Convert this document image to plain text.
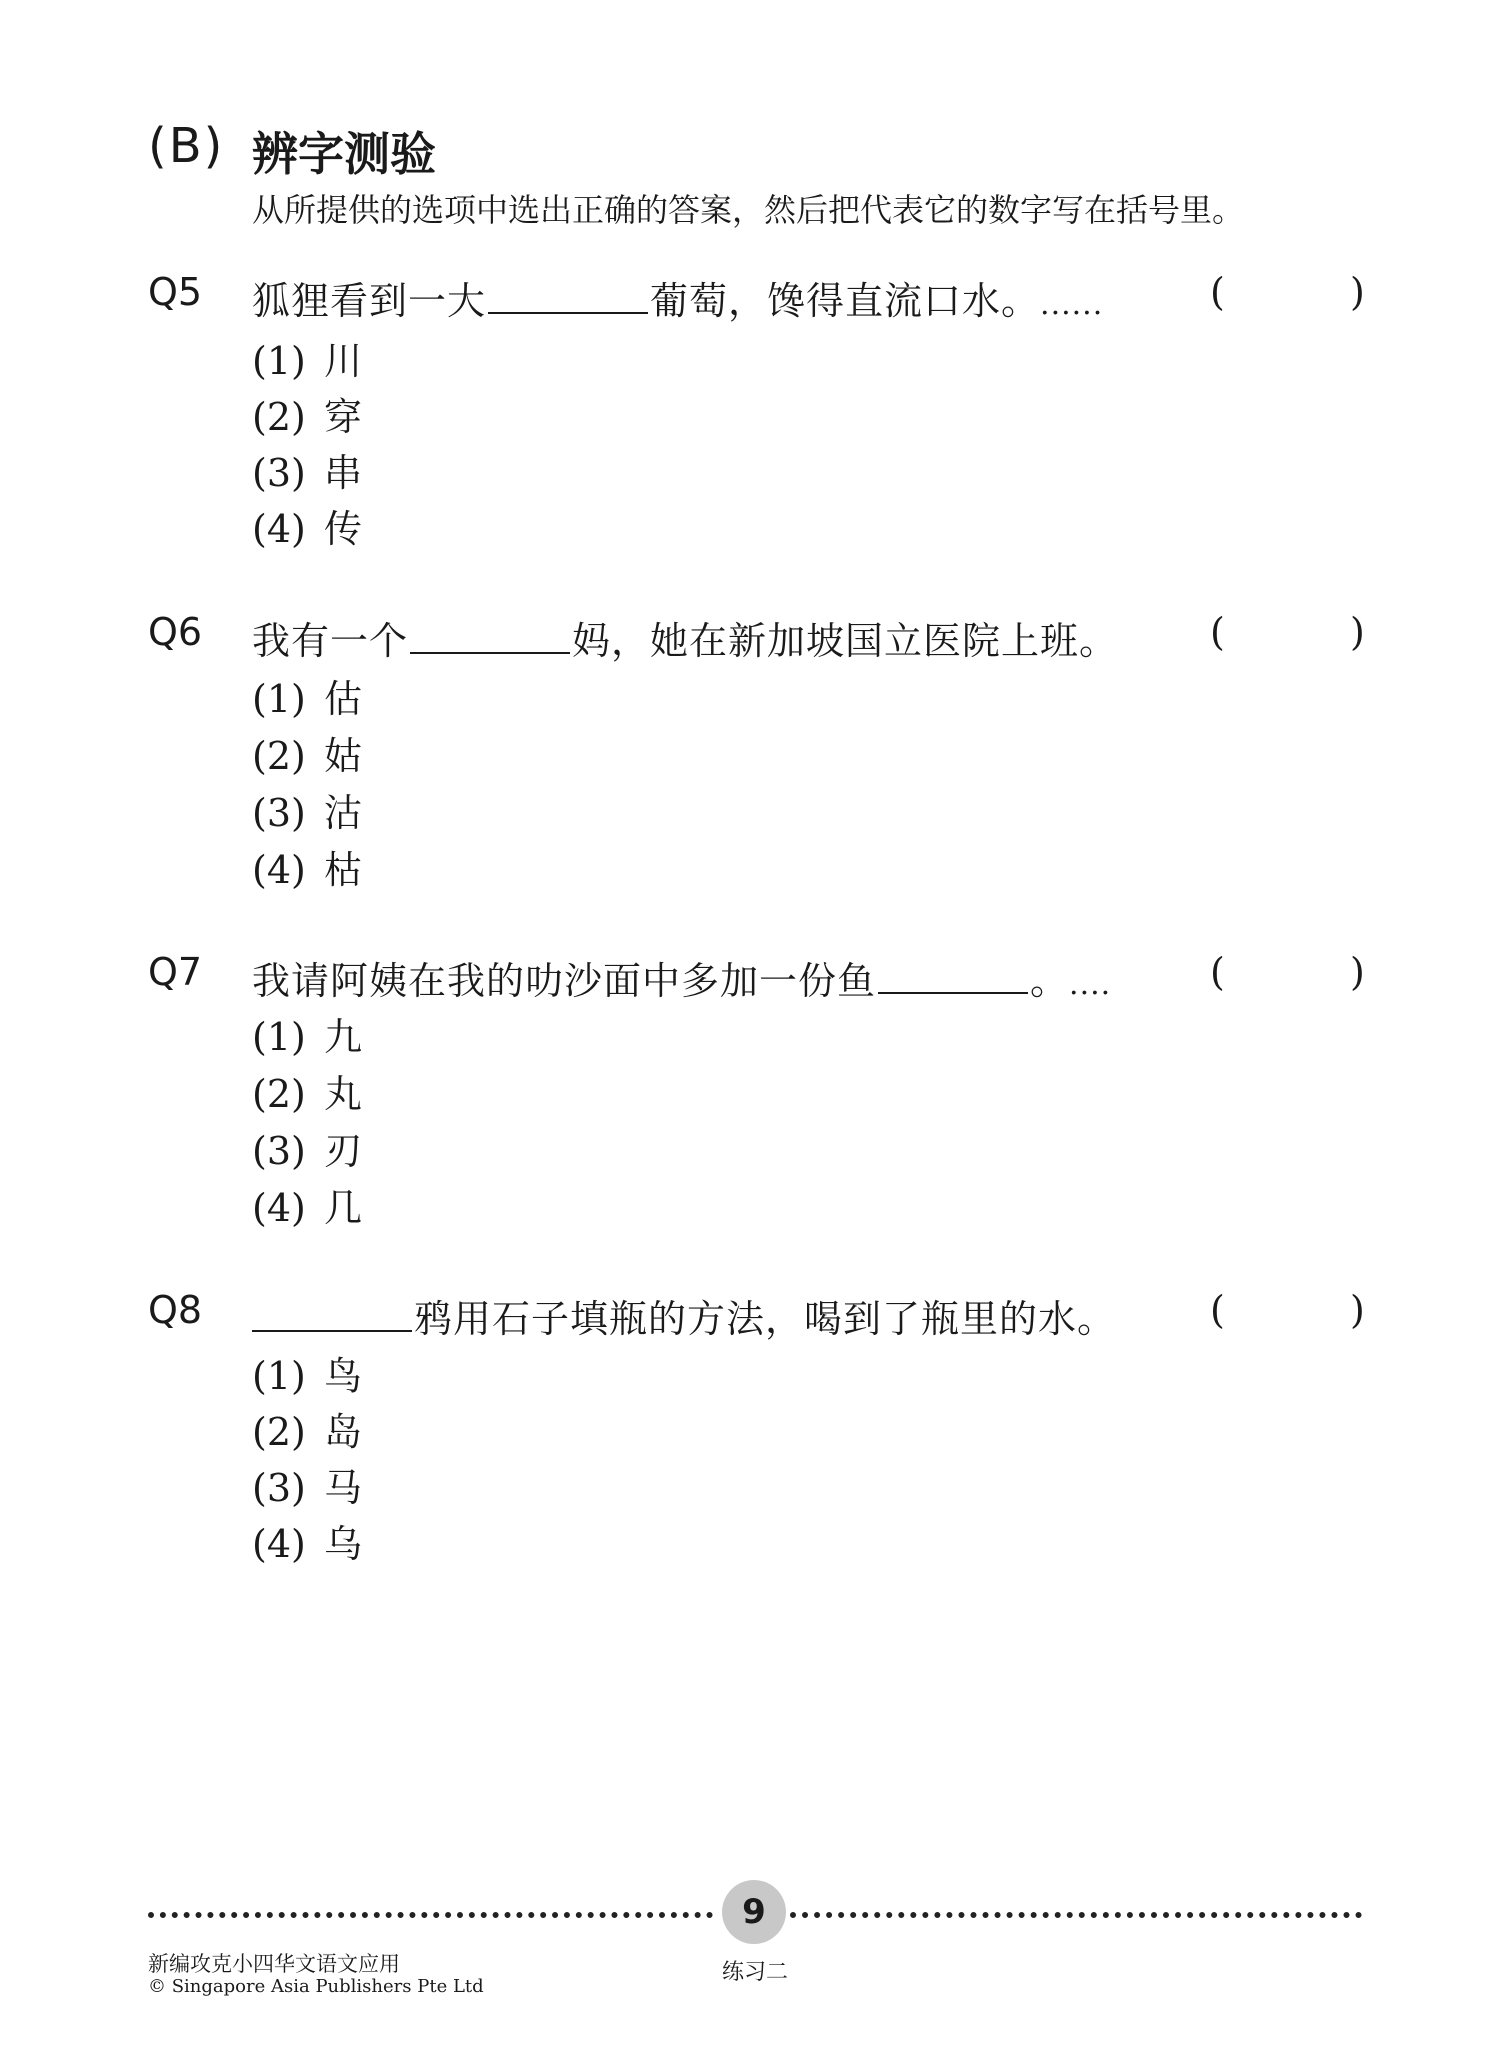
(B) 辨字测验
从所提供的选项中选出正确的答案，然后把代表它的数字写在括号里。
Q5 狐狸看到一大	葡萄，馋得直流口水。......	(	)
(1) 川
(2) 穿
(3) 串
(4) 传
Q6 我有一个	妈，她在新加坡国立医院上班。 (	)
(1) 估
(2) 姑
(3) 沽
(4) 枯
Q7 我请阿姨在我的叻沙面中多加一份鱼	。....	(	)
(1) 九
(2) 丸
(3) 刃
(4) 几
Q8	鸦用石子填瓶的方法，喝到了瓶里的水。 (	)
(1) 鸟
(2) 岛
(3) 马
(4) 乌
9
新编攻克小四华文语文应用
© Singapore Asia Publishers Pte Ltd
练习二
